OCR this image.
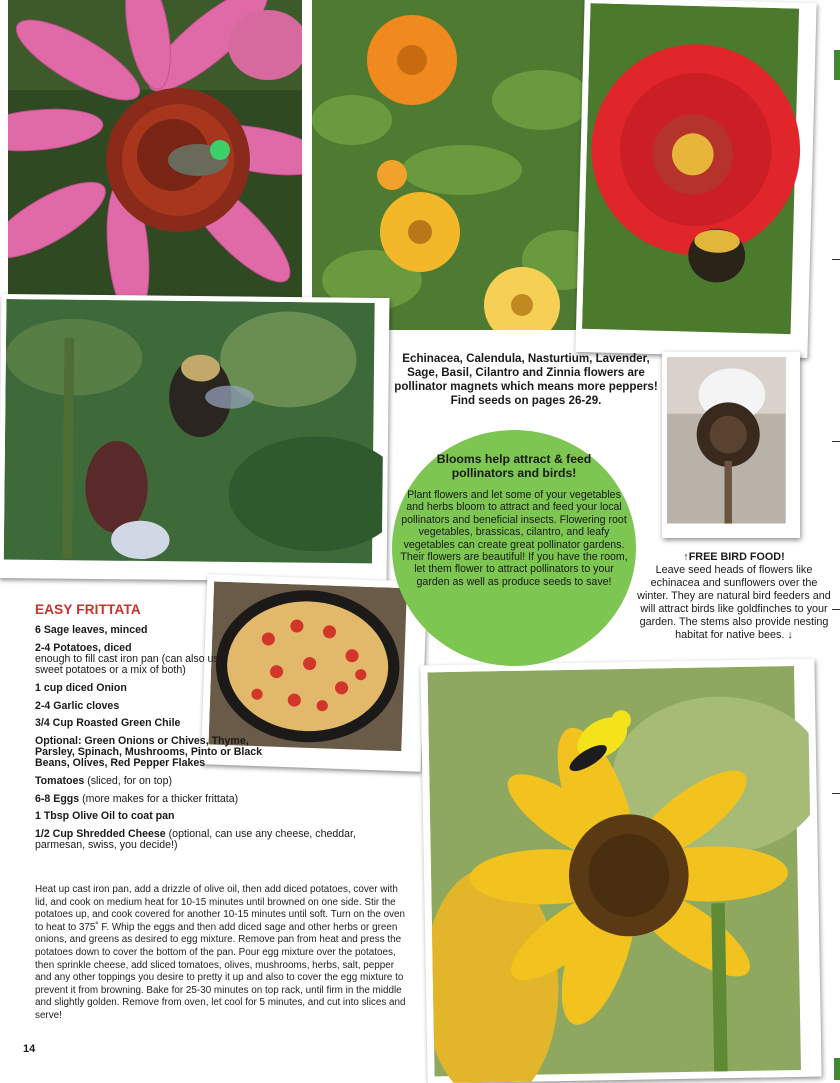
Echinacea, Calendula, Nasturtium, Lavender, Sage, Basil, Cilantro and Zinnia flowers are pollinator magnets which means more peppers! Find seeds on pages 26-29.
Blooms help attract & feed pollinators and birds!
Plant flowers and let some of your vegetables and herbs bloom to attract and feed your local pollinators and beneficial insects. Flowering root vegetables, brassicas, cilantro, and leafy vegetables can create great pollinator gardens. Their flowers are beautiful! If you have the room, let them flower to attract pollinators to your garden as well as produce seeds to save!
↑FREE BIRD FOOD!
Leave seed heads of flowers like echinacea and sunflowers over the winter. They are natural bird feeders and will attract birds like goldfinches to your garden. The stems also provide nesting habitat for native bees. ↓
EASY FRITTATA
6 Sage leaves, minced
2-4 Potatoes, diced
enough to fill cast iron pan (can also use sweet potatoes or a mix of both)
1 cup diced Onion
2-4 Garlic cloves
3/4 Cup Roasted Green Chile
Optional: Green Onions or Chives, Thyme, Parsley, Spinach, Mushrooms, Pinto or Black Beans, Olives, Red Pepper Flakes
Tomatoes (sliced, for on top)
6-8 Eggs (more makes for a thicker frittata)
1 Tbsp Olive Oil to coat pan
1/2 Cup Shredded Cheese (optional, can use any cheese, cheddar, parmesan, swiss, you decide!)
Heat up cast iron pan, add a drizzle of olive oil, then add diced potatoes, cover with lid, and cook on medium heat for 10-15 minutes until browned on one side. Stir the potatoes up, and cook covered for another 10-15 minutes until soft. Turn on the oven to heat to 375˚ F. Whip the eggs and then add diced sage and other herbs or green onions, and greens as desired to egg mixture. Remove pan from heat and press the potatoes down to cover the bottom of the pan. Pour egg mixture over the potatoes, then sprinkle cheese, add sliced tomatoes, olives, mushrooms, herbs, salt, pepper and any other toppings you desire to pretty it up and also to cover the egg mixture to prevent it from browning. Bake for 25-30 minutes on top rack, until firm in the middle and slightly golden. Remove from oven, let cool for 5 minutes, and cut into slices and serve!
14
